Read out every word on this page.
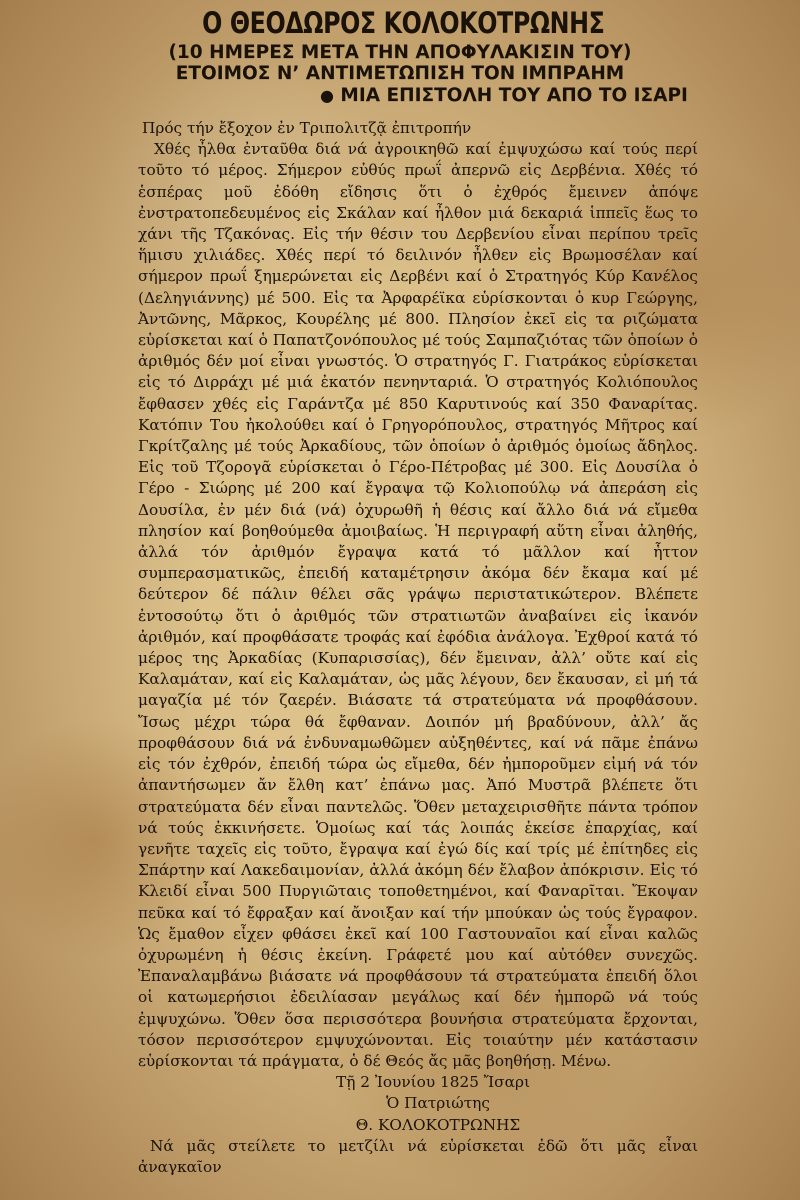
Ο ΘΕΟΔΩΡΟΣ ΚΟΛΟΚΟΤΡΩΝΗΣ
(10 ΗΜΕΡΕΣ ΜΕΤΑ ΤΗΝ ΑΠΟΦΥΛΑΚΙΣΙΝ ΤΟΥ)
ΕΤΟΙΜΟΣ Ν’ ΑΝΤΙΜΕΤΩΠΙΣΗ ΤΟΝ ΙΜΠΡΑΗΜ
● ΜΙΑ ΕΠΙΣΤΟΛΗ ΤΟΥ ΑΠΟ ΤΟ ΙΣΑΡΙ

Πρός τήν ἔξοχον ἐν Τριπολιτζᾷ ἐπιτροπήν

Χθές ἦλθα ἐνταῦθα διά νά ἀγροικηθῶ καί ἐμψυχώσω καί τούς περί τοῦτο τό μέρος. Σήμερον εὐθύς πρωΐ ἀπερνῶ εἰς Δερβένια. Χθές τό ἑσπέρας μοῦ ἐδόθη εἴδησις ὅτι ὁ ἐχθρός ἔμεινεν ἀπόψε ἐνστρατοπεδευμένος εἰς Σκάλαν καί ἦλθον μιά δεκαριά ἱππεῖς ἕως το χάνι τῆς Τζακόνας. Εἰς τήν θέσιν του Δερβενίου εἶναι περίπου τρεῖς ἥμισυ χιλιάδες. Χθές περί τό δειλινόν ἦλθεν εἰς Βρωμοσέλαν καί σήμερον πρωΐ ξημερώνεται εἰς Δερβένι καί ὁ Στρατηγός Κύρ Κανέλος (Δεληγιάννης) μέ 500. Εἰς τα Ἀρφαρέϊκα εὑρίσκονται ὁ κυρ Γεώργης, Ἀντῶνης, Μᾶρκος, Κουρέλης μέ 800. Πλησίον ἐκεῖ εἰς τα ριζώματα εὑρίσκεται καί ὁ Παπατζονόπουλος μέ τούς Σαμπαζιότας τῶν ὁποίων ὁ ἀριθμός δέν μοί εἶναι γνωστός. Ὁ στρατηγός Γ. Γιατράκος εὑρίσκεται εἰς τό Διρράχι μέ μιά ἐκατόν πενηνταριά. Ὁ στρατηγός Κολιόπουλος ἔφθασεν χθές εἰς Γαράντζα μέ 850 Καρυτινούς καί 350 Φαναρίτας. Κατόπιν Του ἠκολούθει καί ὁ Γρηγορόπουλος, στρατηγός Μῆτρος καί Γκρίτζαλης μέ τούς Ἀρκαδίους, τῶν ὁποίων ὁ ἀριθμός ὁμοίως ἄδηλος. Εἰς τοῦ Τζορογᾶ εὑρίσκεται ὁ Γέρο-Πέτροβας μέ 300. Εἰς Δουσίλα ὁ Γέρο - Σιώρης μέ 200 καί ἔγραψα τῷ Κολιοπούλῳ νά ἀπεράση εἰς Δουσίλα, ἐν μέν διά (νά) ὀχυρωθῆ ἡ θέσις καί ἄλλο διά νά εἴμεθα πλησίον καί βοηθούμεθα ἀμοιβαίως. Ἡ περιγραφή αὕτη εἶναι ἀληθής, ἀλλά τόν ἀριθμόν ἔγραψα κατά τό μᾶλλον καί ἧττον συμπερασματικῶς, ἐπειδή καταμέτρησιν ἀκόμα δέν ἔκαμα καί μέ δεύτερον δέ πάλιν θέλει σᾶς γράψω περιστατικώτερον. Βλέπετε ἐντοσούτῳ ὅτι ὁ ἀριθμός τῶν στρατιωτῶν ἀναβαίνει εἰς ἱκανόν ἀριθμόν, καί προφθάσατε τροφάς καί ἐφόδια ἀνάλογα. Ἐχθροί κατά τό μέρος της Ἀρκαδίας (Κυπαρισσίας), δέν ἔμειναν, ἀλλ’ οὔτε καί εἰς Καλαμάταν, καί εἰς Καλαμάταν, ὡς μᾶς λέγουν, δεν ἔκαυσαν, εἰ μή τά μαγαζία μέ τόν ζαερέν. Βιάσατε τά στρατεύματα νά προφθάσουν. Ἴσως μέχρι τώρα θά ἔφθαναν. Δοιπόν μή βραδύνουν, ἀλλ’ ἄς προφθάσουν διά νά ἐνδυναμωθῶμεν αὐξηθέντες, καί νά πᾶμε ἐπάνω εἰς τόν ἐχθρόν, ἐπειδή τώρα ὡς εἴμεθα, δέν ἠμποροῦμεν εἰμή νά τόν ἀπαντήσωμεν ἄν ἔλθη κατ’ ἐπάνω μας. Ἀπό Μυστρᾶ βλέπετε ὅτι στρατεύματα δέν εἶναι παντελῶς. Ὅθεν μεταχειρισθῆτε πάντα τρόπον νά τούς ἐκκινήσετε. Ὁμοίως καί τάς λοιπάς ἐκείσε ἐπαρχίας, καί γενῆτε ταχεῖς εἰς τοῦτο, ἔγραψα καί ἐγώ δίς καί τρίς μέ ἐπίτηδες εἰς Σπάρτην καί Λακεδαιμονίαν, ἀλλά ἀκόμη δέν ἔλαβον ἀπόκρισιν. Εἰς τό Κλειδί εἶναι 500 Πυργιῶταις τοποθετημένοι, καί Φαναρῖται. Ἔκοψαν πεῦκα καί τό ἔφραξαν καί ἄνοιξαν καί τήν μπούκαν ὡς τούς ἔγραφον. Ὡς ἔμαθον εἶχεν φθάσει ἐκεῖ καί 100 Γαστουναῖοι καί εἶναι καλῶς ὀχυρωμένη ἡ θέσις ἐκείνη. Γράφετέ μου καί αὐτόθεν συνεχῶς. Ἐπαναλαμβάνω βιάσατε νά προφθάσουν τά στρατεύματα ἐπειδή ὅλοι οἱ κατωμερήσιοι ἐδειλίασαν μεγάλως καί δέν ἠμπορῶ νά τούς ἐμψυχώνω. Ὅθεν ὅσα περισσότερα βουνήσια στρατεύματα ἔρχονται, τόσον περισσότερον εμψυχώνονται. Εἰς τοιαύτην μέν κατάστασιν εὑρίσκονται τά πράγματα, ὁ δέ Θεός ἄς μᾶς βοηθήσῃ. Μένω.

Τῇ 2 Ἰουνίου 1825 Ἴσαρι

Ὁ Πατριώτης

Θ. ΚΟΛΟΚΟΤΡΩΝΗΣ

Νά μᾶς στείλετε το μετζίλι νά εὑρίσκεται ἐδῶ ὅτι μᾶς εἶναι ἀναγκαῖον
